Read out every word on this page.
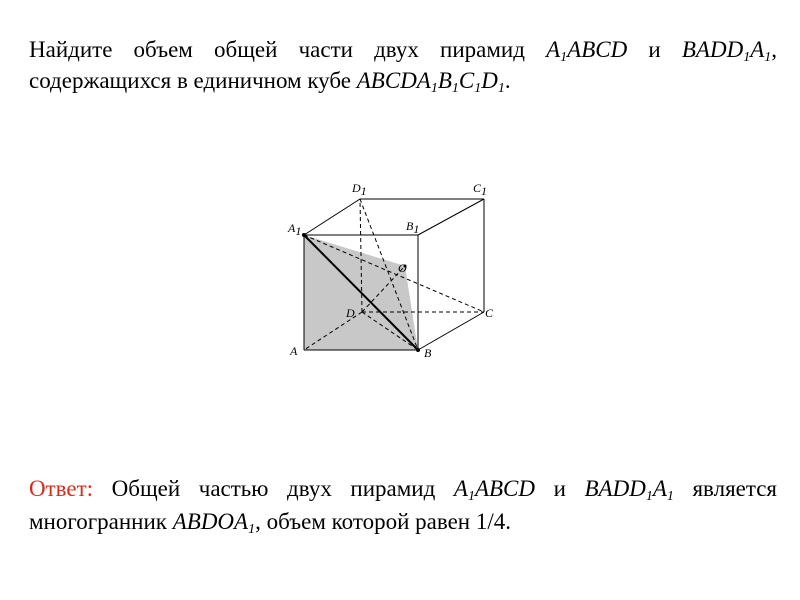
Найдите объем общей части двух пирамид $A_1ABCD$ и $BADD_1A_1$, содержащихся в единичном кубе $ABCDA_1B_1C_1D_1$.
A1
D1	C1
B1
O
D	C
A	B
Ответ: Общей частью двух пирамид $A_1ABCD$ и $BADD_1A_1$ является многогранник $ABDOA_1$, объем которой равен 1/4.
